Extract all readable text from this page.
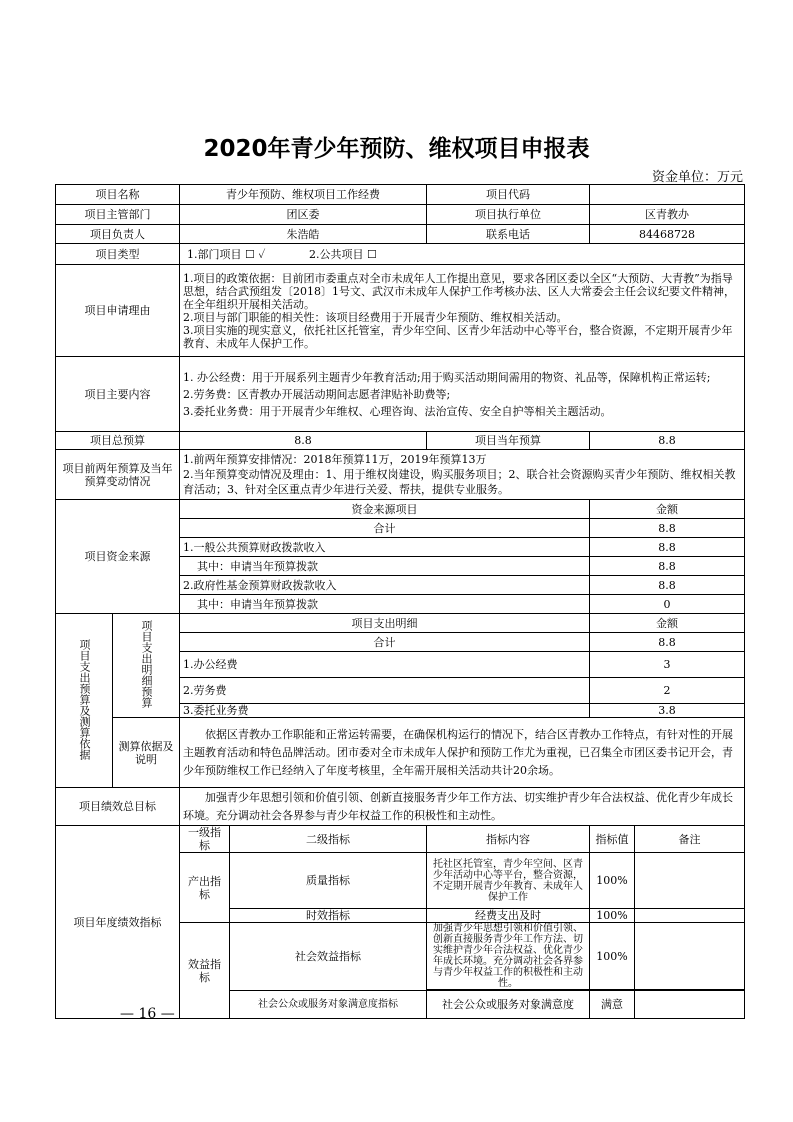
2020年青少年预防、维权项目申报表
资金单位：万元
项目名称		青少年预防、维权项目工作经费		项目代码		
项目主管部门		团区委		项目执行单位	区青教办	
项目负责人		朱浩皓		联系电话	84468728	
项目类型		1.部门项目 ☐ ✓ 2.公共项目 ☐				
项目申请理由		1.项目的政策依据：目前团市委重点对全市未成年人工作提出意见，要求各团区委以全区“大预防、大青教”为指导思想，结合武预组发〔2018〕1号文、武汉市未成年人保护工作考核办法、区人大常委会主任会议纪要文件精神，在全年组织开展相关活动。
2.项目与部门职能的相关性：该项目经费用于开展青少年预防、维权相关活动。
3.项目实施的现实意义，依托社区托管室，青少年空间、区青少年活动中心等平台，整合资源，不定期开展青少年教育、未成年人保护工作。				

项目主要内容		1. 办公经费：用于开展系列主题青少年教育活动;用于购买活动期间需用的物资、礼品等，保障机构正常运转;
2.劳务费：区青教办开展活动期间志愿者津贴补助费等;
3.委托业务费：用于开展青少年维权、心理咨询、法治宣传、安全自护等相关主题活动。				

项目总预算		8.8		项目当年预算	8.8	
项目前两年预算及当年预算变动情况		1.前两年预算安排情况：2018年预算11万，2019年预算13万
2.当年预算变动情况及理由：1、用于维权岗建设，购买服务项目；2、联合社会资源购买青少年预防、维权相关教育活动；3、针对全区重点青少年进行关爱、帮扶，提供专业服务。				

项目资金来源		资金来源项目			金额	
		合计			8.8	
		1.一般公共预算财政拨款收入			8.8	
		其中：申请当年预算拨款			8.8	
		2.政府性基金预算财政拨款收入			8.8	
		其中：申请当年预算拨款			0	
项目支出预算及测算依据	项目支出明细预算	项目支出明细			金额	
		合计			8.8	
		1.办公经费			3	
		2.劳务费			2	
		3.委托业务费			3.8	
	测算依据及说明	依据区青教办工作职能和正常运转需要，在确保机构运行的情况下，结合区青教办工作特点，有针对性的开展主题教育活动和特色品牌活动。团市委对全市未成年人保护和预防工作尤为重视，已召集全市团区委书记开会，青少年预防维权工作已经纳入了年度考核里，全年需开展相关活动共计20余场。				
项目绩效总目标		加强青少年思想引领和价值引领、创新直接服务青少年工作方法、切实维护青少年合法权益、优化青少年成长环境。充分调动社会各界参与青少年权益工作的积极性和主动性。				
项目年度绩效指标		一级指标	二级指标	指标内容	指标值	备注
		产出指标	质量指标	托社区托管室，青少年空间、区青少年活动中心等平台，整合资源，不定期开展青少年教育、未成年人保护工作	100%	
			时效指标	经费支出及时	100%	
		效益指标	社会效益指标	加强青少年思想引领和价值引领、创新直接服务青少年工作方法、切实维护青少年合法权益、优化青少年成长环境。充分调动社会各界参与青少年权益工作的积极性和主动性。	100%	

			社会公众或服务对象满意度指标	社会公众或服务对象满意度	满意	
— 16 —
